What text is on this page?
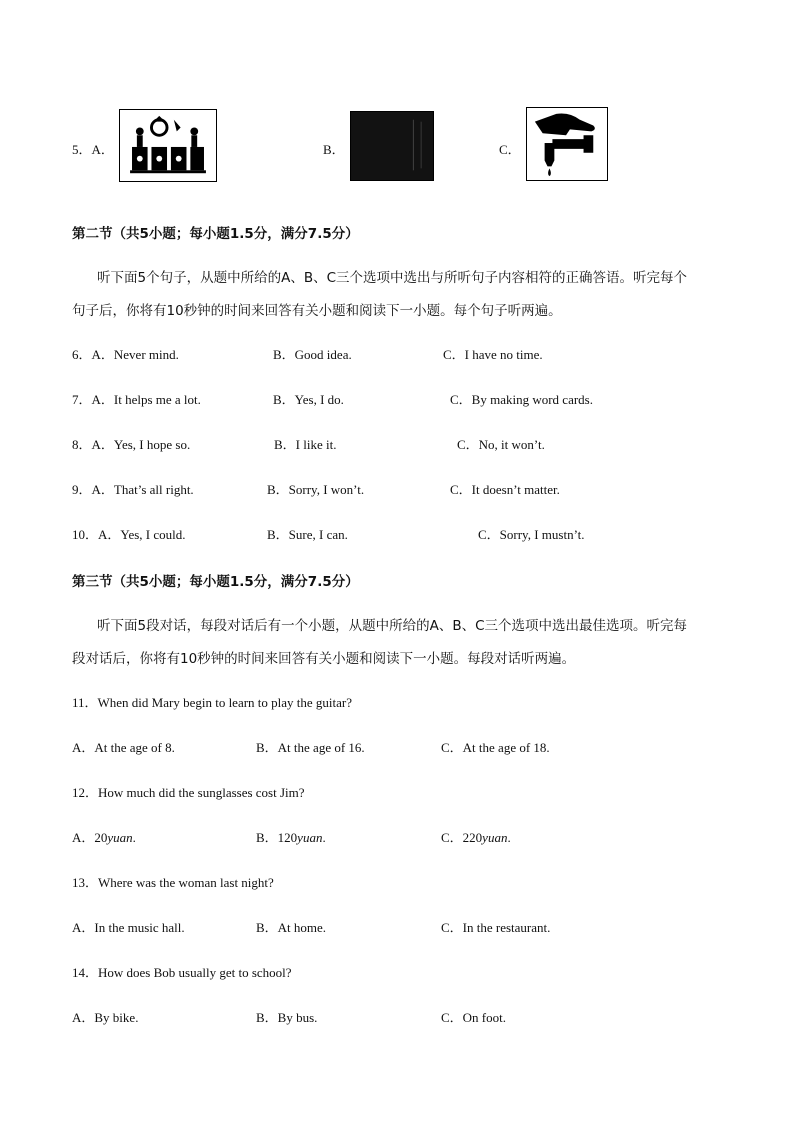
5．A．	B．	C．
第二节（共5小题；每小题1.5分，满分7.5分）
听下面5个句子，从题中所给的A、B、C三个选项中选出与所听句子内容相符的正确答语。听完每个
句子后，你将有10秒钟的时间来回答有关小题和阅读下一小题。每个句子听两遍。
6．A．Never mind.	B．Good idea.	C．I have no time.
7．A．It helps me a lot.	B．Yes, I do.	C．By making word cards.
8．A．Yes, I hope so.	B．I like it.	C．No, it won’t.
9．A．That’s all right.	B．Sorry, I won’t.	C．It doesn’t matter.
10．A．Yes, I could.	B．Sure, I can.	C．Sorry, I mustn’t.
第三节（共5小题；每小题1.5分，满分7.5分）
听下面5段对话，每段对话后有一个小题，从题中所给的A、B、C三个选项中选出最佳选项。听完每
段对话后，你将有10秒钟的时间来回答有关小题和阅读下一小题。每段对话听两遍。
11．When did Mary begin to learn to play the guitar?
A．At the age of 8.	B．At the age of 16.	C．At the age of 18.
12．How much did the sunglasses cost Jim?
A．20yuan.	B．120yuan.	C．220yuan.
13．Where was the woman last night?
A．In the music hall.	B．At home.	C．In the restaurant.
14．How does Bob usually get to school?
A．By bike.	B．By bus.	C．On foot.
